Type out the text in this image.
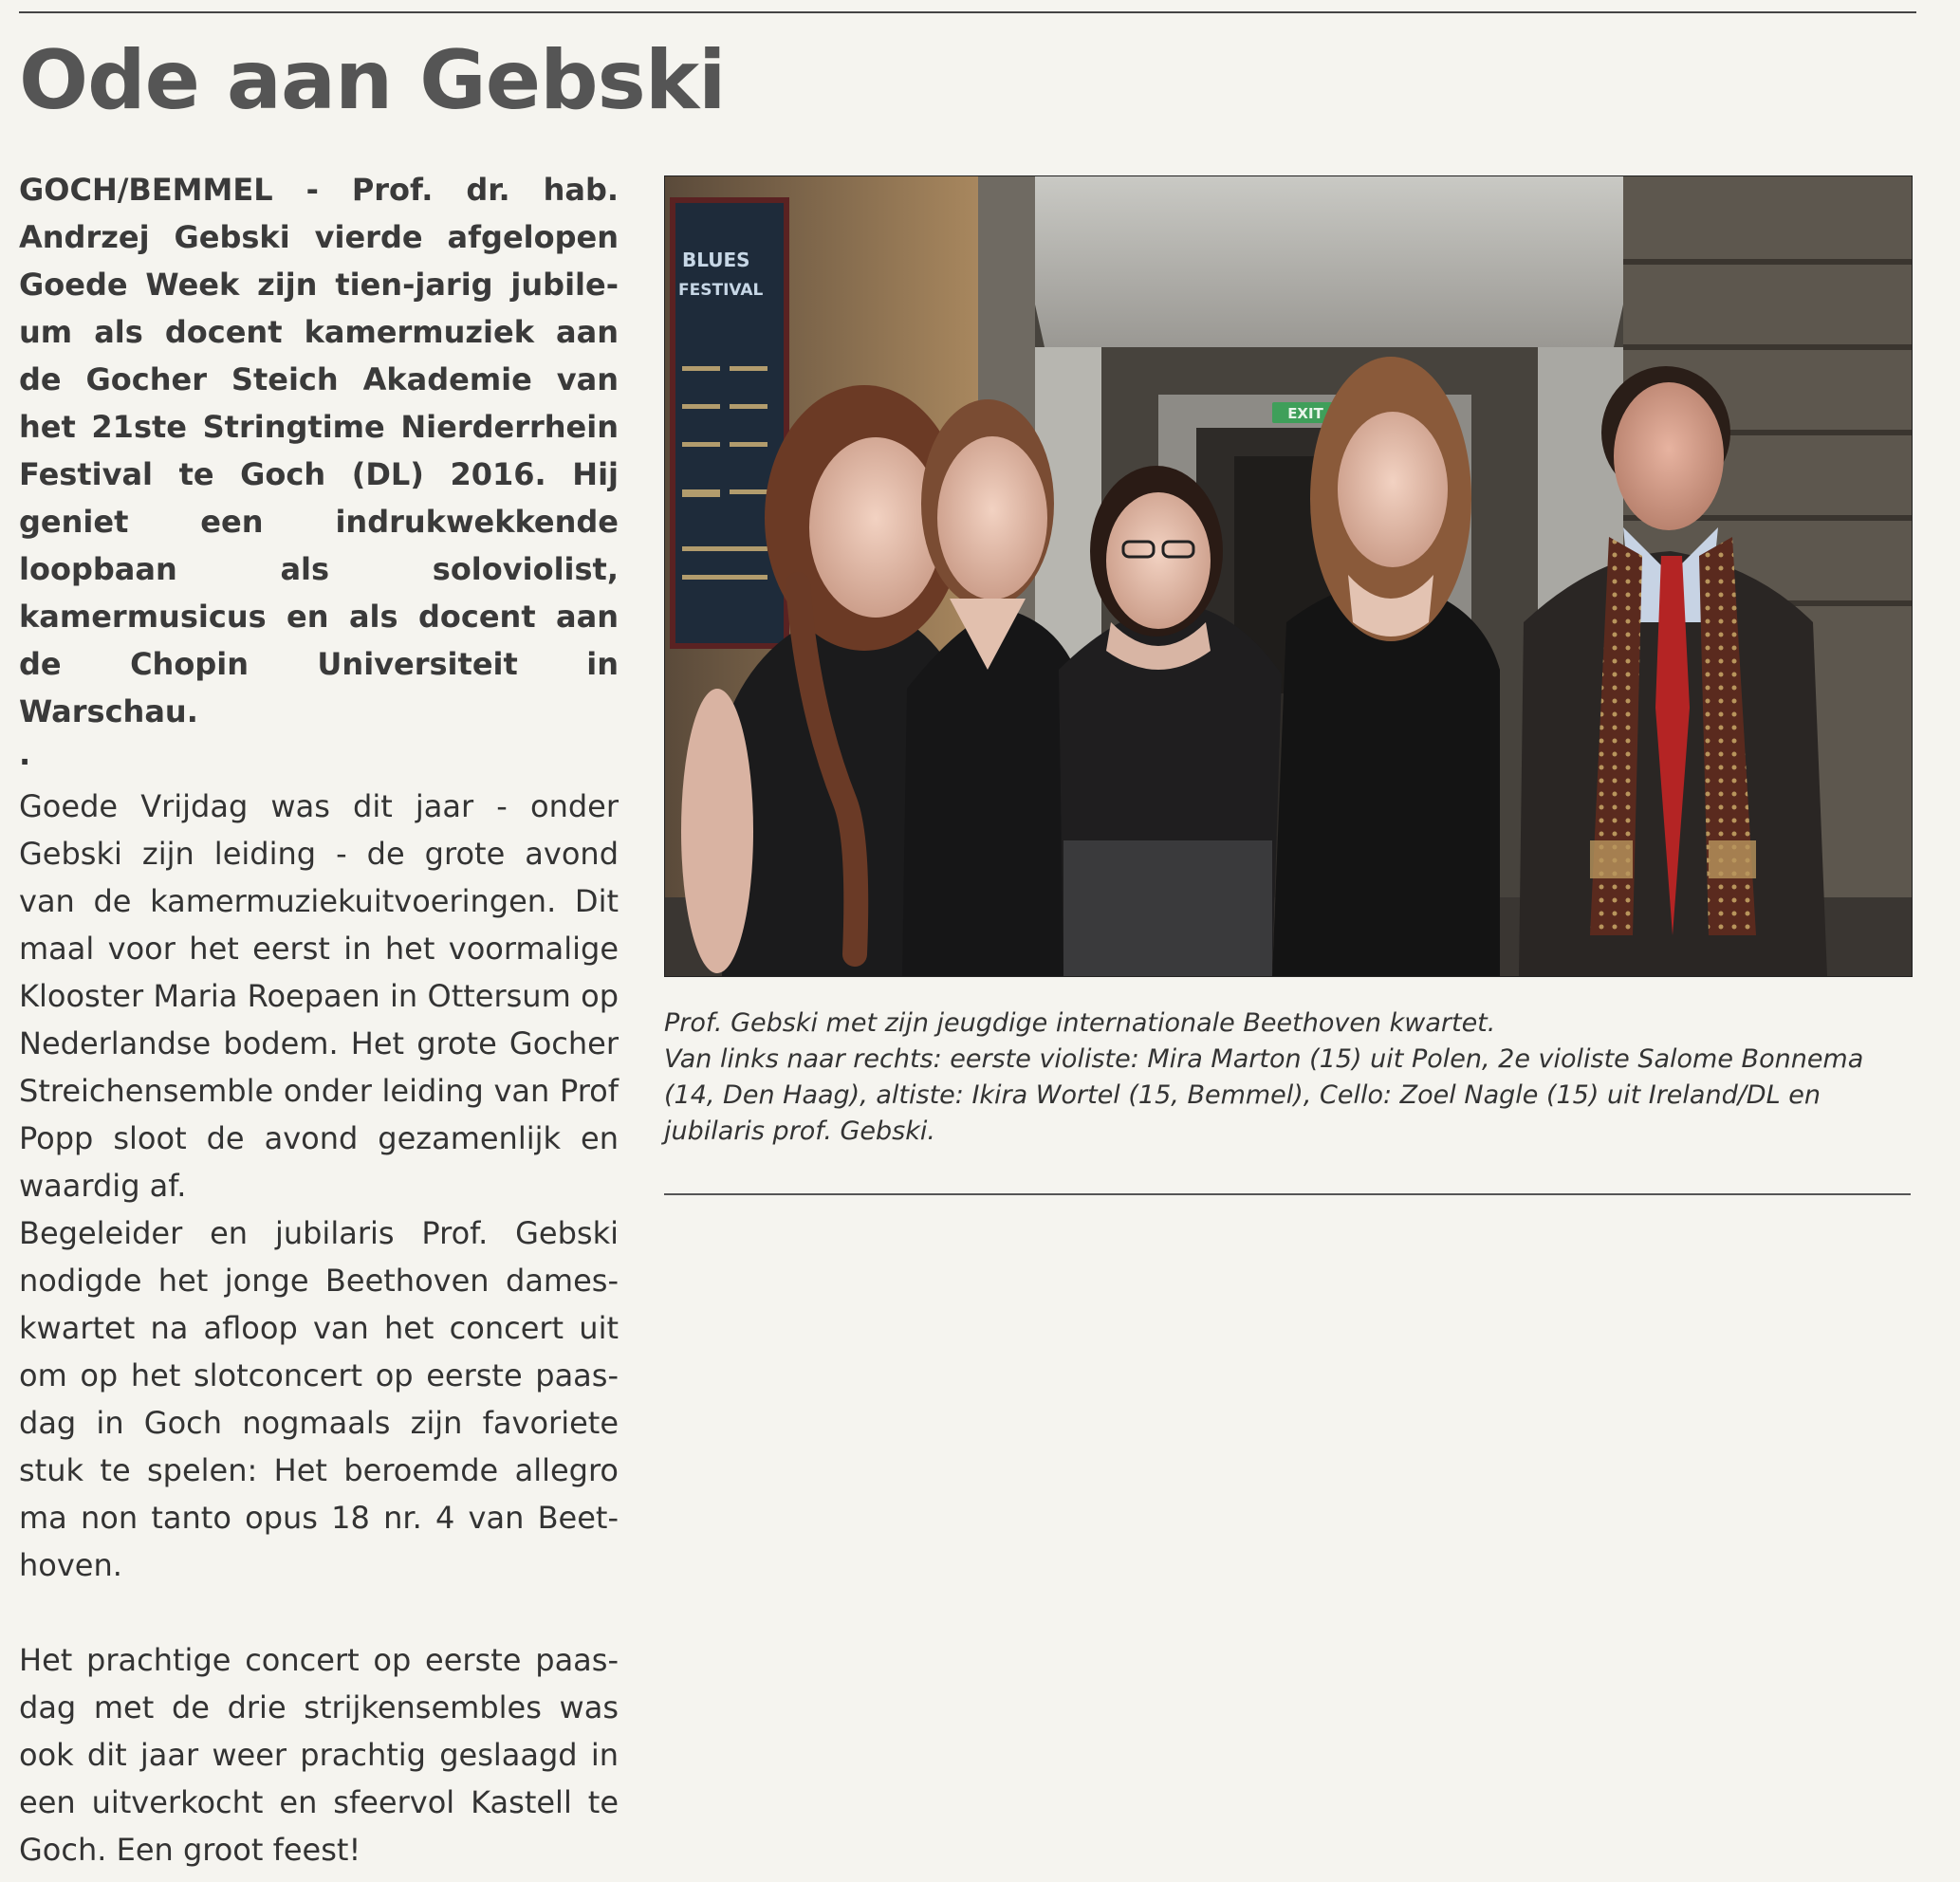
Ode aan Gebski

GOCH/BEMMEL - Prof. dr. hab. Andrzej Gebski vierde afgelopen Goede Week zijn tien-jarig jubileum als docent kamermuziek aan de Gocher Steich Akademie van het 21ste Stringtime Nierderrhein Festival te Goch (DL) 2016. Hij geniet een indrukwekkende loopbaan als soloviolist, kamermusicus en als docent aan de Chopin Universiteit in Warschau.

.

Goede Vrijdag was dit jaar - onder Gebski zijn leiding - de grote avond van de kamermuziekuitvoeringen. Dit maal voor het eerst in het voormalige Klooster Maria Roepaen in Ottersum op Nederlandse bodem. Het grote Gocher Streichensemble onder leiding van Prof Popp sloot de avond gezamenlijk en waardig af.

Begeleider en jubilaris Prof. Gebski nodigde het jonge Beethoven dameskwartet na afloop van het concert uit om op het slotconcert op eerste paasdag in Goch nogmaals zijn favoriete stuk te spelen: Het beroemde allegro ma non tanto opus 18 nr. 4 van Beethoven.

Het prachtige concert op eerste paasdag met de drie strijkensembles was ook dit jaar weer prachtig geslaagd in een uitverkocht en sfeervol Kastell te Goch. Een groot feest!

EXIT
BLUES
FESTIVAL

Prof. Gebski met zijn jeugdige internationale Beethoven kwartet.

Van links naar rechts: eerste violiste: Mira Marton (15) uit Polen, 2e violiste Salome Bonnema (14, Den Haag), altiste: Ikira Wortel (15, Bemmel), Cello: Zoel Nagle (15) uit Ireland/DL en jubilaris prof. Gebski.
